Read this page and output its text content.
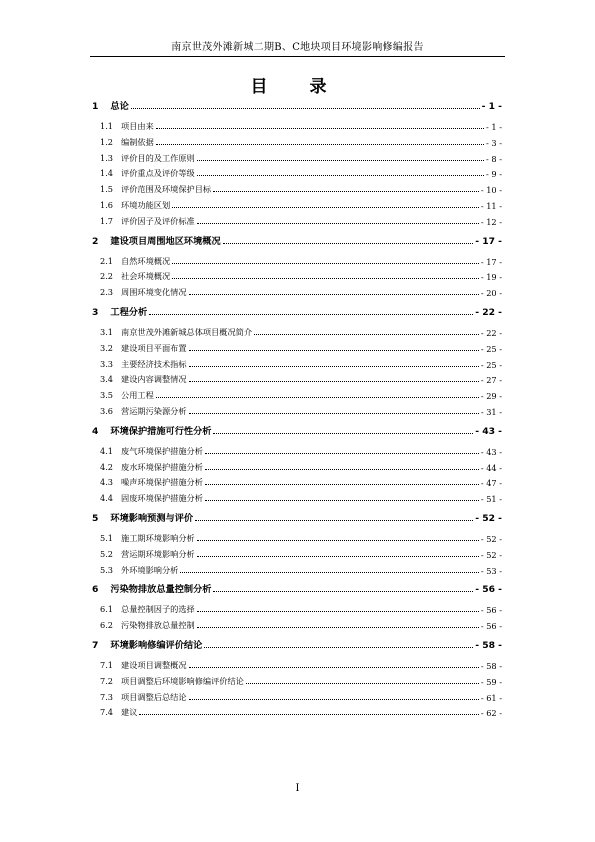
南京世茂外滩新城二期B、C地块项目环境影响修编报告
目 录
1 总论	- 1 -
1.1 项目由来	- 1 -
1.2 编制依据	- 3 -
1.3 评价目的及工作原则	- 8 -
1.4 评价重点及评价等级	- 9 -
1.5 评价范围及环境保护目标	- 10 -
1.6 环境功能区划	- 11 -
1.7 评价因子及评价标准	- 12 -
2 建设项目周围地区环境概况	- 17 -
2.1 自然环境概况	- 17 -
2.2 社会环境概况	- 19 -
2.3 周围环境变化情况	- 20 -
3 工程分析	- 22 -
3.1 南京世茂外滩新城总体项目概况简介	- 22 -
3.2 建设项目平面布置	- 25 -
3.3 主要经济技术指标	- 25 -
3.4 建设内容调整情况	- 27 -
3.5 公用工程	- 29 -
3.6 营运期污染源分析	- 31 -
4 环境保护措施可行性分析	- 43 -
4.1 废气环境保护措施分析	- 43 -
4.2 废水环境保护措施分析	- 44 -
4.3 噪声环境保护措施分析	- 47 -
4.4 固废环境保护措施分析	- 51 -
5 环境影响预测与评价	- 52 -
5.1 施工期环境影响分析	- 52 -
5.2 营运期环境影响分析	- 52 -
5.3 外环境影响分析	- 53 -
6 污染物排放总量控制分析	- 56 -
6.1 总量控制因子的选择	- 56 -
6.2 污染物排放总量控制	- 56 -
7 环境影响修编评价结论	- 58 -
7.1 建设项目调整概况	- 58 -
7.2 项目调整后环境影响修编评价结论	- 59 -
7.3 项目调整后总结论	- 61 -
7.4 建议	- 62 -
I
